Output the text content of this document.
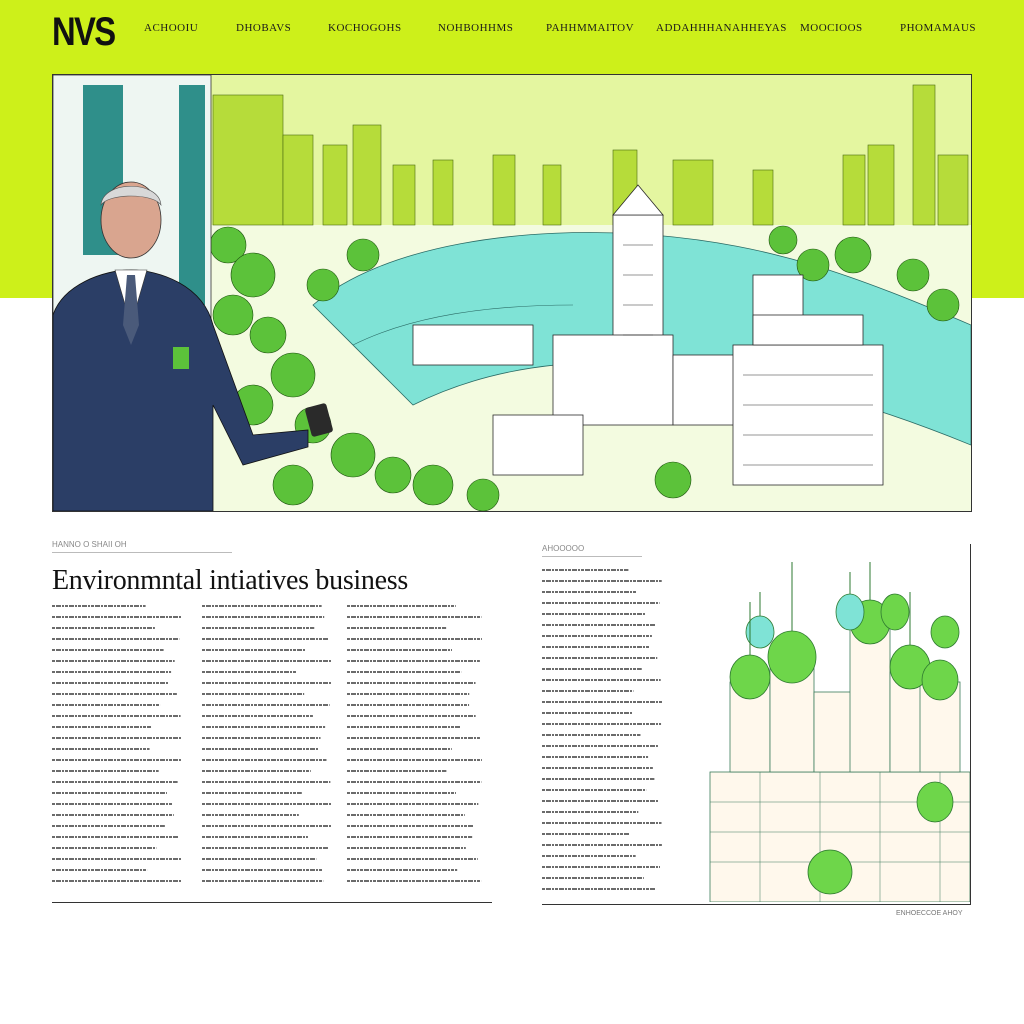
NVS	ACHOOIU	DHOBAVS	KOCHOGOHS	NOHBOHHMS	PAHHMMAITOV ADDAHHHANAHHEYAS MOOCIOOS	PHOMAMAUS
HANNO O SHAII OH
Environmntal intiatives business
AHOOOOO
ENHOECCOE AHOY
